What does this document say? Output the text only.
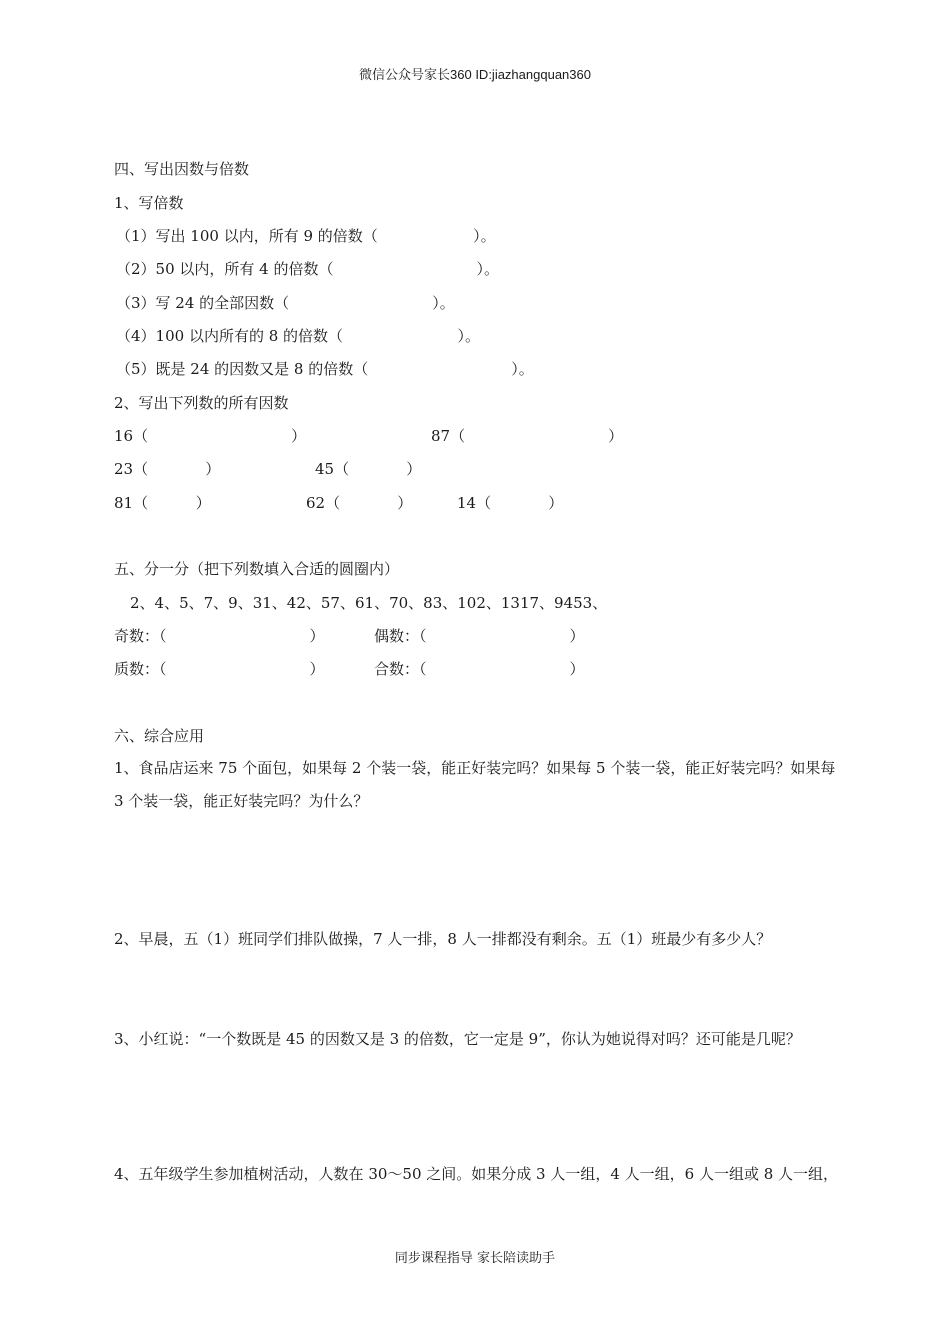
微信公众号家长360 ID:jiazhangquan360
四、写出因数与倍数
1、写倍数
（1）写出 100 以内，所有 9 的倍数（                    ）。
（2）50 以内，所有 4 的倍数（                              ）。
（3）写 24 的全部因数（                              ）。
（4）100 以内所有的 8 的倍数（                        ）。
（5）既是 24 的因数又是 8 的倍数（                              ）。
2、写出下列数的所有因数
16（                              ）	87（                              ）
23（            ）	45（            ）
81（          ）	62（            ）	14（            ）
五、分一分（把下列数填入合适的圆圈内）
2、4、5、7、9、31、42、57、61、70、83、102、1317、9453、
奇数：（                              ）	偶数：（                              ）
质数：（                              ）	合数：（                              ）
六、综合应用
1、食品店运来 75 个面包，如果每 2 个装一袋，能正好装完吗？如果每 5 个装一袋，能正好装完吗？如果每 3 个装一袋，能正好装完吗？为什么？
2、早晨，五（1）班同学们排队做操，7 人一排，8 人一排都没有剩余。五（1）班最少有多少人？
3、小红说：“一个数既是 45 的因数又是 3 的倍数，它一定是 9”，你认为她说得对吗？还可能是几呢？
4、五年级学生参加植树活动，人数在 30～50 之间。如果分成 3 人一组，4 人一组，6 人一组或 8 人一组，
同步课程指导 家长陪读助手
